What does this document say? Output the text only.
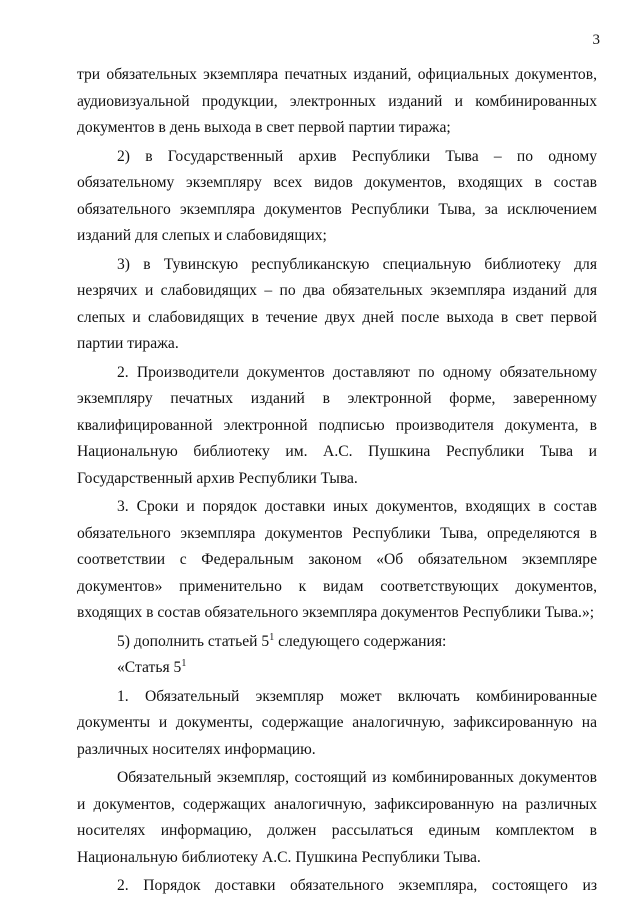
3

три обязательных экземпляра печатных изданий, официальных документов, аудиовизуальной продукции, электронных изданий и комбинированных документов в день выхода в свет первой партии тиража;

2) в Государственный архив Республики Тыва – по одному обязательному экземпляру всех видов документов, входящих в состав обязательного экземпляра документов Республики Тыва, за исключением изданий для слепых и слабовидящих;

3) в Тувинскую республиканскую специальную библиотеку для незрячих и слабовидящих – по два обязательных экземпляра изданий для слепых и слабовидящих в течение двух дней после выхода в свет первой партии тиража.

2. Производители документов доставляют по одному обязательному экземпляру печатных изданий в электронной форме, заверенному квалифицированной электронной подписью производителя документа, в Национальную библиотеку им. А.С. Пушкина Республики Тыва и Государственный архив Республики Тыва.

3. Сроки и порядок доставки иных документов, входящих в состав обязательного экземпляра документов Республики Тыва, определяются в соответствии с Федеральным законом «Об обязательном экземпляре документов» применительно к видам соответствующих документов, входящих в состав обязательного экземпляра документов Республики Тыва.»;

5) дополнить статьей $5^1$ следующего содержания:

«Статья $5^1$

1. Обязательный экземпляр может включать комбинированные документы и документы, содержащие аналогичную, зафиксированную на различных носителях информацию.

Обязательный экземпляр, состоящий из комбинированных документов и документов, содержащих аналогичную, зафиксированную на различных носителях информацию, должен рассылаться единым комплектом в Национальную библиотеку А.С. Пушкина Республики Тыва.

2. Порядок доставки обязательного экземпляра, состоящего из
